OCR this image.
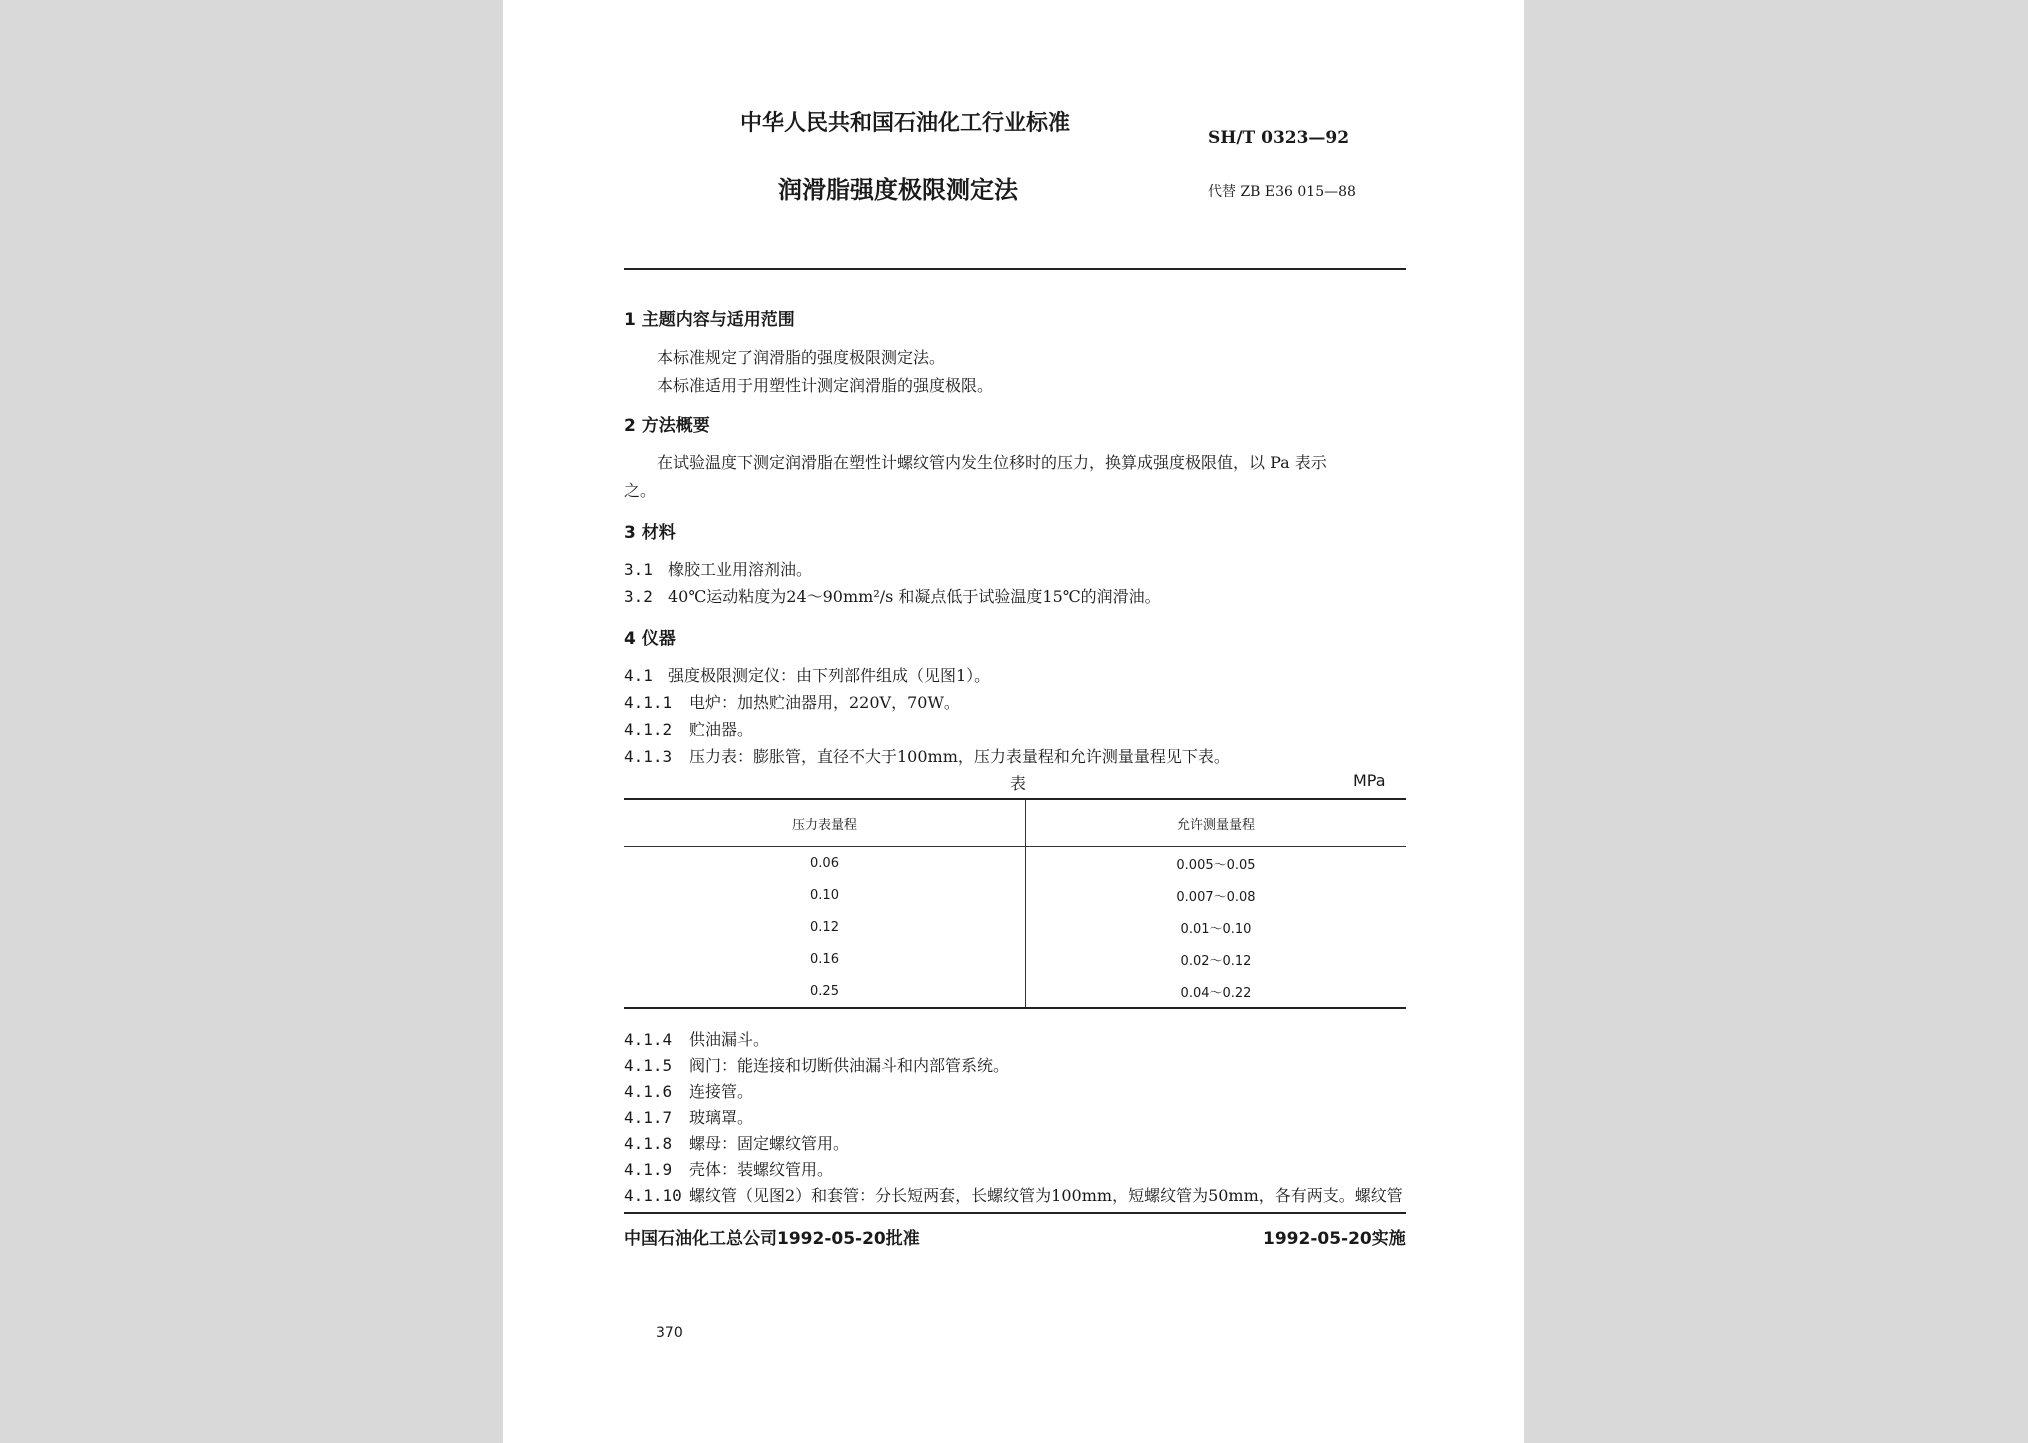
中华人民共和国石油化工行业标准
SH/T 0323—92
润滑脂强度极限测定法	代替 ZB E36 015—88
1 主题内容与适用范围
本标准规定了润滑脂的强度极限测定法。
本标准适用于用塑性计测定润滑脂的强度极限。
2 方法概要
在试验温度下测定润滑脂在塑性计螺纹管内发生位移时的压力，换算成强度极限值，以 Pa 表示
之。
3 材料
3.1 橡胶工业用溶剂油。
3.2 40℃运动粘度为24～90mm²/s 和凝点低于试验温度15℃的润滑油。
4 仪器
4.1 强度极限测定仪：由下列部件组成（见图1）。
4.1.1 电炉：加热贮油器用，220V，70W。
4.1.2 贮油器。
4.1.3 压力表：膨胀管，直径不大于100mm，压力表量程和允许测量量程见下表。
表	MPa
压力表量程	允许测量量程
0.06	0.005～0.05
0.10	0.007～0.08
0.12	0.01～0.10
0.16	0.02～0.12
0.25	0.04～0.22
4.1.4 供油漏斗。
4.1.5 阀门：能连接和切断供油漏斗和内部管系统。
4.1.6 连接管。
4.1.7 玻璃罩。
4.1.8 螺母：固定螺纹管用。
4.1.9 壳体：装螺纹管用。
4.1.10 螺纹管（见图2）和套管：分长短两套，长螺纹管为100mm，短螺纹管为50mm，各有两支。螺纹管
中国石油化工总公司1992-05-20批准	1992-05-20实施
370
